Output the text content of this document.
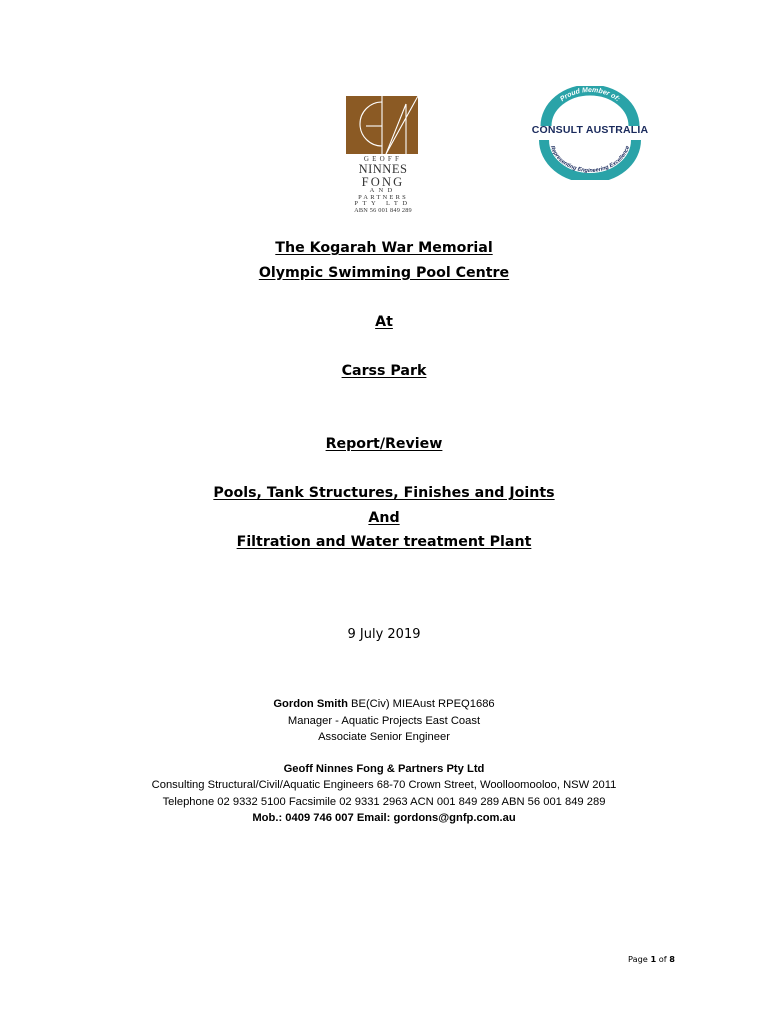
GEOFF
NINNES
FONG
AND
PARTNERS
PTY LTD
ABN 56 001 849 289
Proud Member of:
Representing Engineering Excellence
CONSULT AUSTRALIA
The Kogarah War Memorial
Olympic Swimming Pool Centre
At
Carss Park
Report/Review
Pools, Tank Structures, Finishes and Joints
And
Filtration and Water treatment Plant
9 July 2019
Gordon Smith BE(Civ) MIEAust RPEQ1686
Manager - Aquatic Projects East Coast
Associate Senior Engineer
Geoff Ninnes Fong & Partners Pty Ltd
Consulting Structural/Civil/Aquatic Engineers 68-70 Crown Street, Woolloomooloo, NSW 2011
Telephone 02 9332 5100 Facsimile 02 9331 2963 ACN 001 849 289 ABN 56 001 849 289
Mob.: 0409 746 007 Email: gordons@gnfp.com.au
Page 1 of 8
